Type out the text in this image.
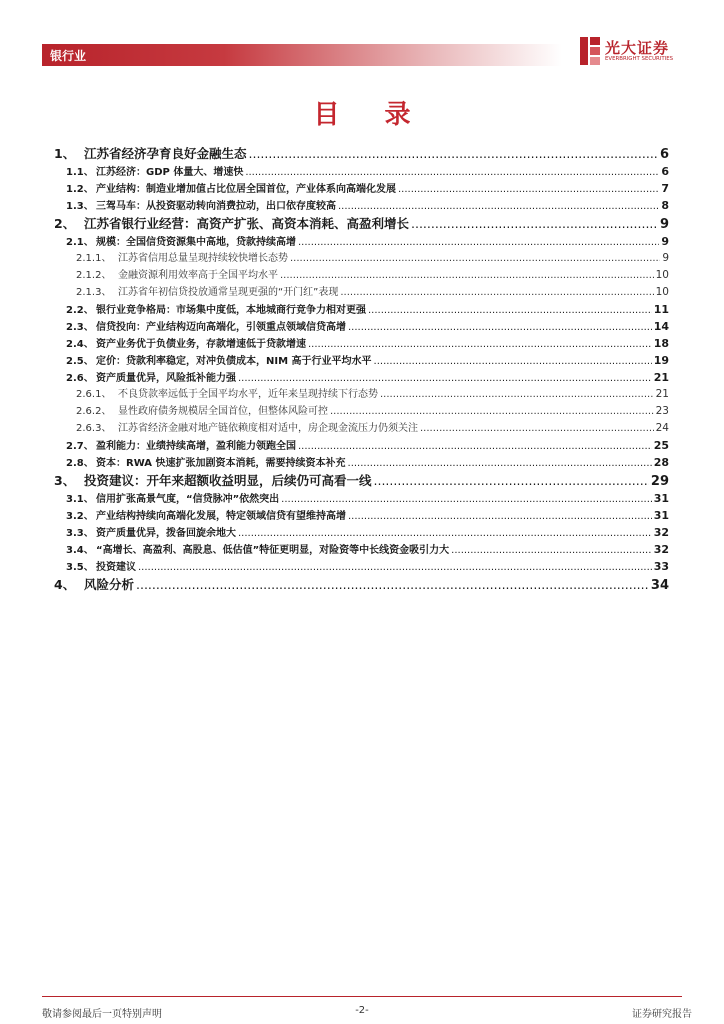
银行业	光大证券
EVERBRIGHT SECURITIES
目 录
1、 江苏省经济孕育良好金融生态 .....	6
1.1、 江苏经济：GDP 体量大、增速快 .....	6
1.2、 产业结构：制造业增加值占比位居全国首位，产业体系向高端化发展 .....	7
1.3、 三驾马车：从投资驱动转向消费拉动，出口依存度较高 .....	8
2、 江苏省银行业经营：高资产扩张、高资本消耗、高盈利增长 .....	9
2.1、 规模：全国信贷资源集中高地，贷款持续高增 .....	9
2.1.1、 江苏省信用总量呈现持续较快增长态势 .....	9
2.1.2、 金融资源利用效率高于全国平均水平 .....	10
2.1.3、 江苏省年初信贷投放通常呈现更强的“开门红”表现 .....	10
2.2、 银行业竞争格局：市场集中度低，本地城商行竞争力相对更强 .....	11
2.3、 信贷投向：产业结构迈向高端化，引领重点领域信贷高增 .....	14
2.4、 资产业务优于负债业务，存款增速低于贷款增速 .....	18
2.5、 定价：贷款利率稳定，对冲负债成本，NIM 高于行业平均水平 .....	19
2.6、 资产质量优异，风险抵补能力强 .....	21
2.6.1、 不良贷款率远低于全国平均水平，近年来呈现持续下行态势 .....	21
2.6.2、 显性政府债务规模居全国首位，但整体风险可控 .....	23
2.6.3、 江苏省经济金融对地产链依赖度相对适中，房企现金流压力仍须关注 .....	24
2.7、 盈利能力：业绩持续高增，盈利能力领跑全国 .....	25
2.8、 资本：RWA 快速扩张加剧资本消耗，需要持续资本补充 .....	28
3、 投资建议：开年来超额收益明显，后续仍可高看一线 .....	29
3.1、 信用扩张高景气度，“信贷脉冲”依然突出 .....	31
3.2、 产业结构持续向高端化发展，特定领域信贷有望维持高增 .....	31
3.3、 资产质量优异，拨备回旋余地大 .....	32
3.4、 “高增长、高盈利、高股息、低估值”特征更明显，对险资等中长线资金吸引力大 .....	32
3.5、 投资建议 .....	33
4、 风险分析 .....	34
敬请参阅最后一页特别声明	-2-	证券研究报告
